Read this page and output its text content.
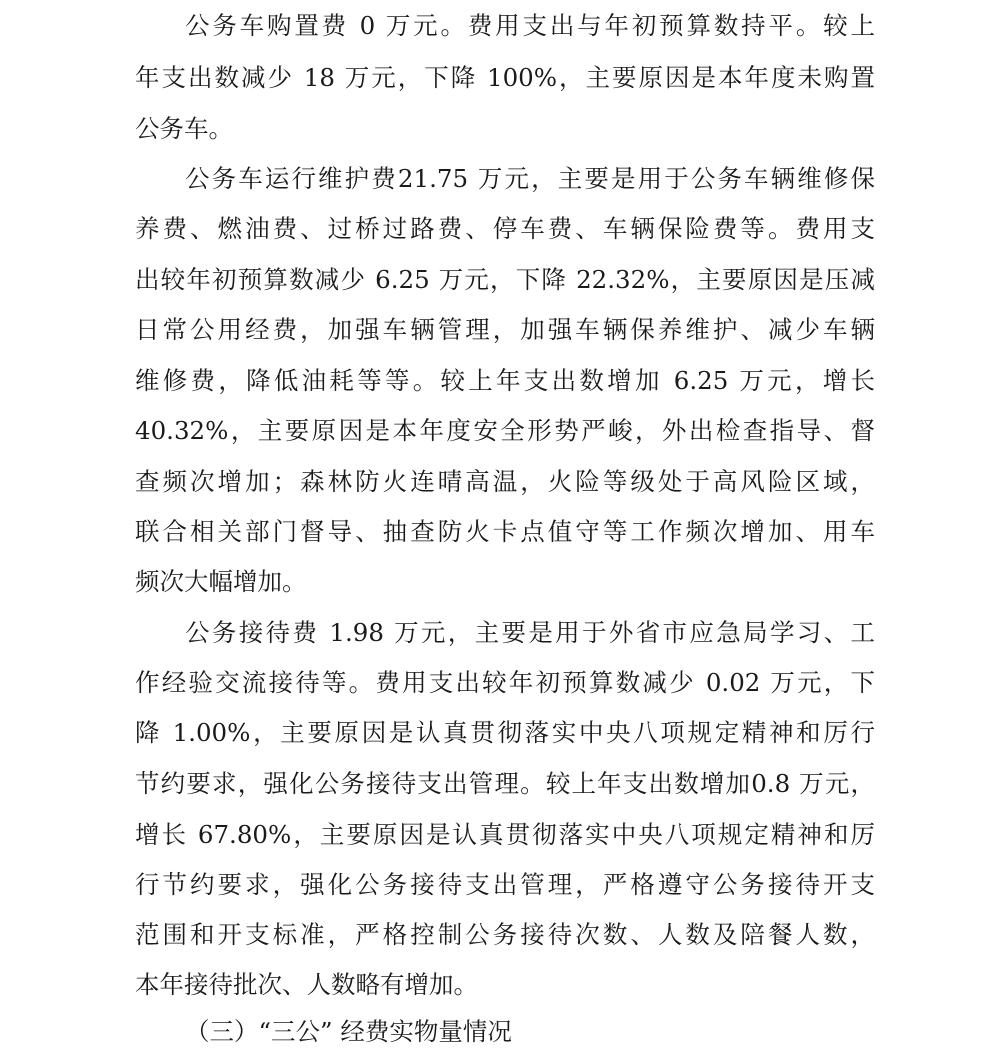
公务车购置费 0 万元。费用支出与年初预算数持平。较上
年支出数减少 18 万元，下降 100%，主要原因是本年度未购置
公务车。
公务车运行维护费21.75 万元，主要是用于公务车辆维修保
养费、燃油费、过桥过路费、停车费、车辆保险费等。费用支
出较年初预算数减少 6.25 万元，下降 22.32%，主要原因是压减
日常公用经费，加强车辆管理，加强车辆保养维护、减少车辆
维修费，降低油耗等等。较上年支出数增加 6.25 万元，增长
40.32%，主要原因是本年度安全形势严峻，外出检查指导、督
查频次增加；森林防火连晴高温，火险等级处于高风险区域，
联合相关部门督导、抽查防火卡点值守等工作频次增加、用车
频次大幅增加。
公务接待费 1.98 万元，主要是用于外省市应急局学习、工
作经验交流接待等。费用支出较年初预算数减少 0.02 万元，下
降 1.00%，主要原因是认真贯彻落实中央八项规定精神和厉行
节约要求，强化公务接待支出管理。较上年支出数增加0.8 万元，
增长 67.80%，主要原因是认真贯彻落实中央八项规定精神和厉
行节约要求，强化公务接待支出管理，严格遵守公务接待开支
范围和开支标准，严格控制公务接待次数、人数及陪餐人数，
本年接待批次、人数略有增加。
（三）“三公” 经费实物量情况
